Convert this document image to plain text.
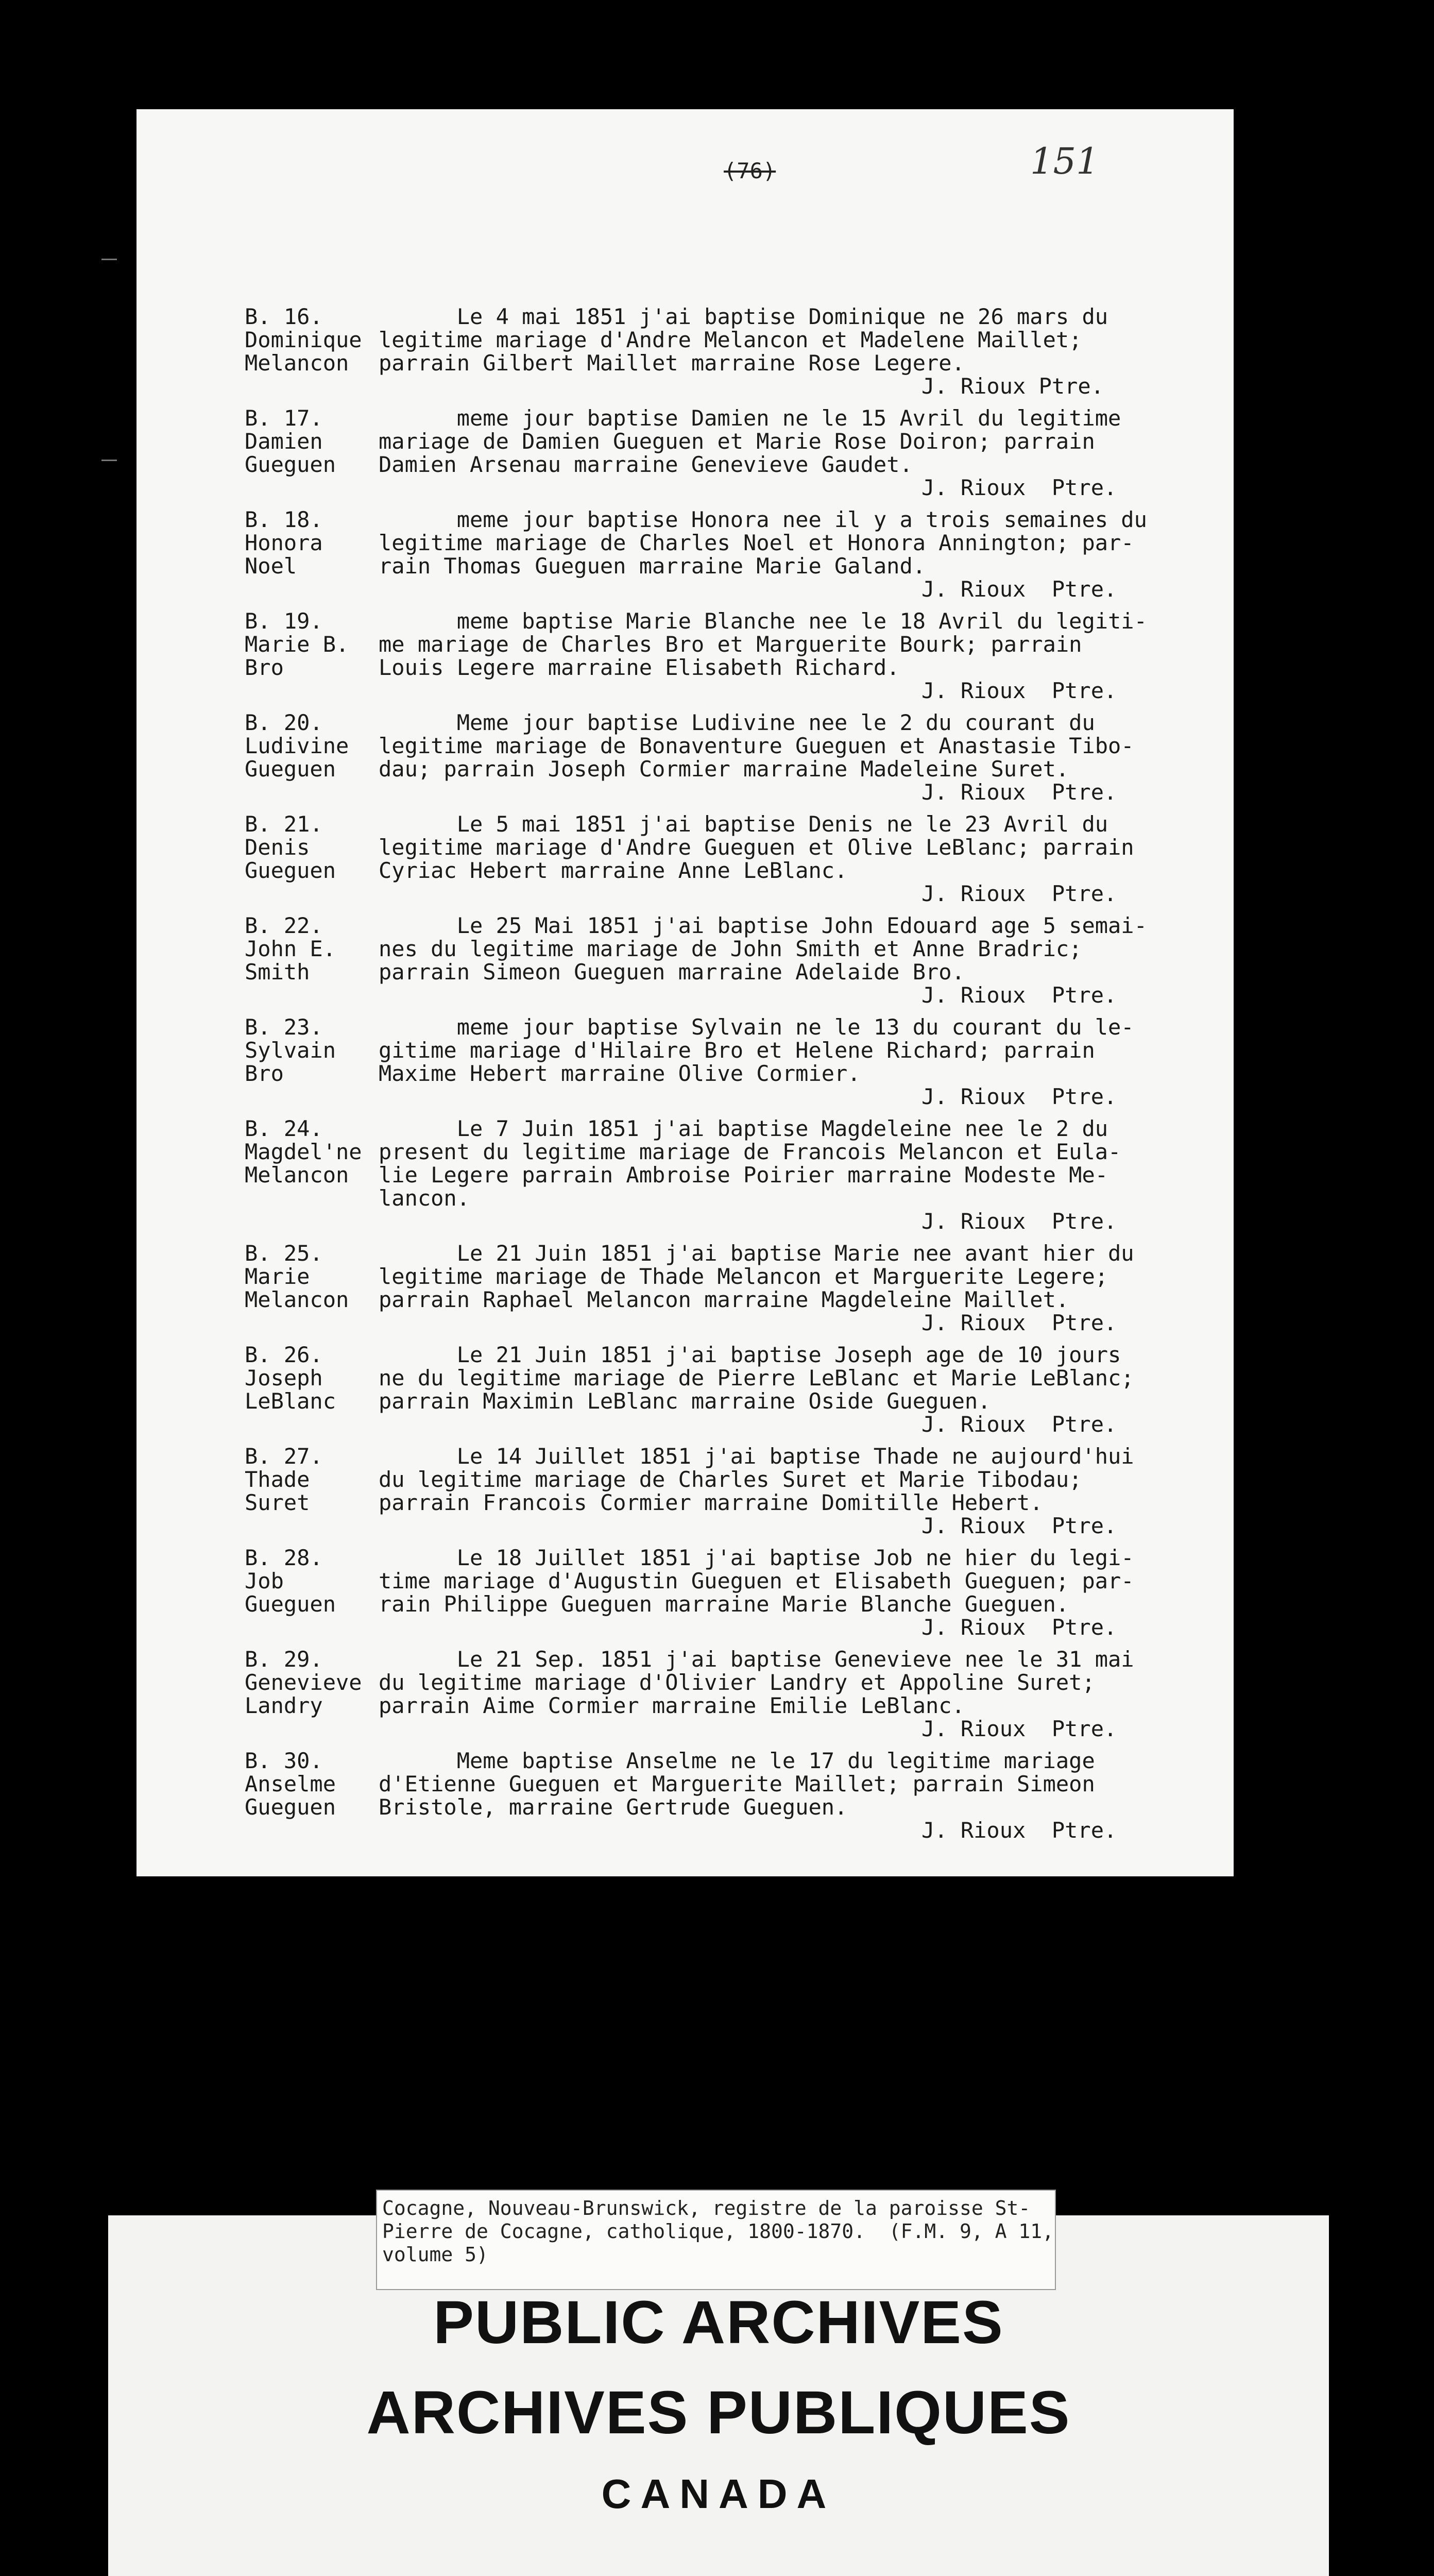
(76)	151
B. 16.
Dominique
Melancon
Le 4 mai 1851 j'ai baptise Dominique ne 26 mars du
legitime mariage d'Andre Melancon et Madelene Maillet;
parrain Gilbert Maillet marraine Rose Legere.
J. Rioux Ptre.
B. 17.
Damien
Gueguen
meme jour baptise Damien ne le 15 Avril du legitime
mariage de Damien Gueguen et Marie Rose Doiron; parrain
Damien Arsenau marraine Genevieve Gaudet.
J. Rioux  Ptre.
B. 18.
Honora
Noel
meme jour baptise Honora nee il y a trois semaines du
legitime mariage de Charles Noel et Honora Annington; par-
rain Thomas Gueguen marraine Marie Galand.
J. Rioux  Ptre.
B. 19.
Marie B.
Bro
meme baptise Marie Blanche nee le 18 Avril du legiti-
me mariage de Charles Bro et Marguerite Bourk; parrain
Louis Legere marraine Elisabeth Richard.
J. Rioux  Ptre.
B. 20.
Ludivine
Gueguen
Meme jour baptise Ludivine nee le 2 du courant du
legitime mariage de Bonaventure Gueguen et Anastasie Tibo-
dau; parrain Joseph Cormier marraine Madeleine Suret.
J. Rioux  Ptre.
B. 21.
Denis
Gueguen
Le 5 mai 1851 j'ai baptise Denis ne le 23 Avril du
legitime mariage d'Andre Gueguen et Olive LeBlanc; parrain
Cyriac Hebert marraine Anne LeBlanc.
J. Rioux  Ptre.
B. 22.
John E.
Smith
Le 25 Mai 1851 j'ai baptise John Edouard age 5 semai-
nes du legitime mariage de John Smith et Anne Bradric;
parrain Simeon Gueguen marraine Adelaide Bro.
J. Rioux  Ptre.
B. 23.
Sylvain
Bro
meme jour baptise Sylvain ne le 13 du courant du le-
gitime mariage d'Hilaire Bro et Helene Richard; parrain
Maxime Hebert marraine Olive Cormier.
J. Rioux  Ptre.
B. 24.
Magdel'ne
Melancon
Le 7 Juin 1851 j'ai baptise Magdeleine nee le 2 du
present du legitime mariage de Francois Melancon et Eula-
lie Legere parrain Ambroise Poirier marraine Modeste Me-
lancon.
J. Rioux  Ptre.
B. 25.
Marie
Melancon
Le 21 Juin 1851 j'ai baptise Marie nee avant hier du
legitime mariage de Thade Melancon et Marguerite Legere;
parrain Raphael Melancon marraine Magdeleine Maillet.
J. Rioux  Ptre.
B. 26.
Joseph
LeBlanc
Le 21 Juin 1851 j'ai baptise Joseph age de 10 jours
ne du legitime mariage de Pierre LeBlanc et Marie LeBlanc;
parrain Maximin LeBlanc marraine Oside Gueguen.
J. Rioux  Ptre.
B. 27.
Thade
Suret
Le 14 Juillet 1851 j'ai baptise Thade ne aujourd'hui
du legitime mariage de Charles Suret et Marie Tibodau;
parrain Francois Cormier marraine Domitille Hebert.
J. Rioux  Ptre.
B. 28.
Job
Gueguen
Le 18 Juillet 1851 j'ai baptise Job ne hier du legi-
time mariage d'Augustin Gueguen et Elisabeth Gueguen; par-
rain Philippe Gueguen marraine Marie Blanche Gueguen.
J. Rioux  Ptre.
B. 29.
Genevieve
Landry
Le 21 Sep. 1851 j'ai baptise Genevieve nee le 31 mai
du legitime mariage d'Olivier Landry et Appoline Suret;
parrain Aime Cormier marraine Emilie LeBlanc.
J. Rioux  Ptre.
B. 30.
Anselme
Gueguen
Meme baptise Anselme ne le 17 du legitime mariage
d'Etienne Gueguen et Marguerite Maillet; parrain Simeon
Bristole, marraine Gertrude Gueguen.
J. Rioux  Ptre.
Cocagne, Nouveau-Brunswick, registre de la paroisse St-
Pierre de Cocagne, catholique, 1800-1870.  (F.M. 9, A 11,
volume 5)
PUBLIC ARCHIVES
ARCHIVES PUBLIQUES
CANADA
